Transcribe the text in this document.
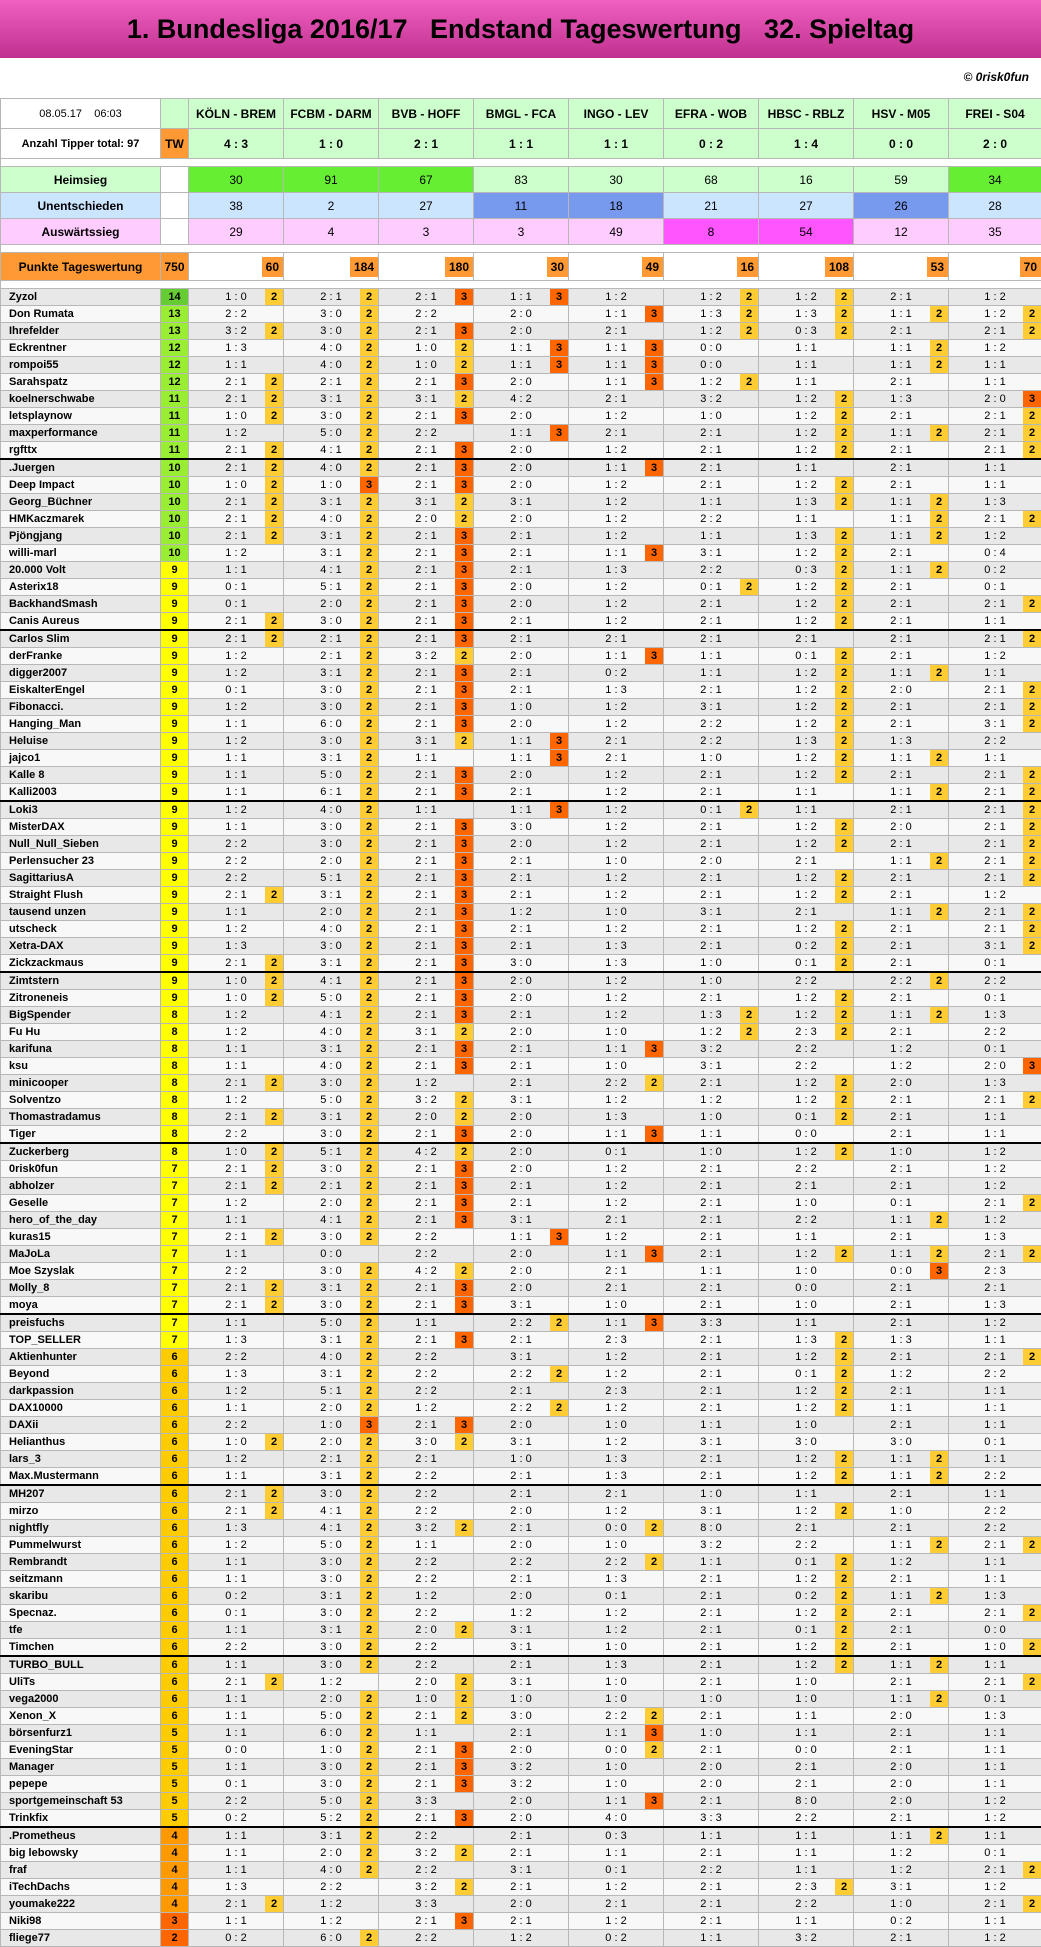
1. Bundesliga 2016/17   Endstand Tageswertung   32. Spieltag
© 0risk0fun
08.05.17 06:03		KÖLN - BREM	FCBM - DARM	BVB - HOFF	BMGL - FCA	INGO - LEV	EFRA - WOB	HBSC - RBLZ	HSV - M05	FREI - S04
Anzahl Tipper total: 97	TW	4 : 3	1 : 0	2 : 1	1 : 1	1 : 1	0 : 2	1 : 4	0 : 0	2 : 0

Heimsieg		30	91	67	83	30	68	16	59	34
Unentschieden		38	2	27	11	18	21	27	26	28
Auswärtssieg		29	4	3	3	49	8	54	12	35

Punkte Tageswertung	750	60	184	180	30	49	16	108	53	70

Zyzol	14	1 : 0 2	2 : 1 2	2 : 1 3	1 : 1 3	1 : 2	1 : 2 2	1 : 2 2	2 : 1	1 : 2
Don Rumata	13	2 : 2	3 : 0 2	2 : 2	2 : 0	1 : 1 3	1 : 3 2	1 : 3 2	1 : 1 2	1 : 2 2

Ihrefelder	13	3 : 2 2	3 : 0 2	2 : 1 3	2 : 0	2 : 1	1 : 2 2	0 : 3 2	2 : 1	2 : 1 2

Eckrentner	12	1 : 3	4 : 0 2	1 : 0 2	1 : 1 3	1 : 1 3	0 : 0	1 : 1	1 : 1 2	1 : 2
rompoi55	12	1 : 1	4 : 0 2	1 : 0 2	1 : 1 3	1 : 1 3	0 : 0	1 : 1	1 : 1 2	1 : 1
Sarahspatz	12	2 : 1 2	2 : 1 2	2 : 1 3	2 : 0	1 : 1 3	1 : 2 2	1 : 1	2 : 1	1 : 1
koelnerschwabe	11	2 : 1 2	3 : 1 2	3 : 1 2	4 : 2	2 : 1	3 : 2	1 : 2 2	1 : 3	2 : 0 3

letsplaynow	11	1 : 0 2	3 : 0 2	2 : 1 3	2 : 0	1 : 2	1 : 0	1 : 2 2	2 : 1	2 : 1 2

maxperformance	11	1 : 2	5 : 0 2	2 : 2	1 : 1 3	2 : 1	2 : 1	1 : 2 2	1 : 1 2	2 : 1 2

rgfttx	11	2 : 1 2	4 : 1 2	2 : 1 3	2 : 0	1 : 2	2 : 1	1 : 2 2	2 : 1	2 : 1 2

.Juergen	10	2 : 1 2	4 : 0 2	2 : 1 3	2 : 0	1 : 1 3	2 : 1	1 : 1	2 : 1	1 : 1
Deep Impact	10	1 : 0 2	1 : 0 3	2 : 1 3	2 : 0	1 : 2	2 : 1	1 : 2 2	2 : 1	1 : 1
Georg_Büchner	10	2 : 1 2	3 : 1 2	3 : 1 2	3 : 1	1 : 2	1 : 1	1 : 3 2	1 : 1 2	1 : 3
HMKaczmarek	10	2 : 1 2	4 : 0 2	2 : 0 2	2 : 0	1 : 2	2 : 2	1 : 1	1 : 1 2	2 : 1 2

Pjöngjang	10	2 : 1 2	3 : 1 2	2 : 1 3	2 : 1	1 : 2	1 : 1	1 : 3 2	1 : 1 2	1 : 2
willi-marl	10	1 : 2	3 : 1 2	2 : 1 3	2 : 1	1 : 1 3	3 : 1	1 : 2 2	2 : 1	0 : 4
20.000 Volt	9	1 : 1	4 : 1 2	2 : 1 3	2 : 1	1 : 3	2 : 2	0 : 3 2	1 : 1 2	0 : 2
Asterix18	9	0 : 1	5 : 1 2	2 : 1 3	2 : 0	1 : 2	0 : 1 2	1 : 2 2	2 : 1	0 : 1
BackhandSmash	9	0 : 1	2 : 0 2	2 : 1 3	2 : 0	1 : 2	2 : 1	1 : 2 2	2 : 1	2 : 1 2

Canis Aureus	9	2 : 1 2	3 : 0 2	2 : 1 3	2 : 1	1 : 2	2 : 1	1 : 2 2	2 : 1	1 : 1
Carlos Slim	9	2 : 1 2	2 : 1 2	2 : 1 3	2 : 1	2 : 1	2 : 1	2 : 1	2 : 1	2 : 1 2

derFranke	9	1 : 2	2 : 1 2	3 : 2 2	2 : 0	1 : 1 3	1 : 1	0 : 1 2	2 : 1	1 : 2
digger2007	9	1 : 2	3 : 1 2	2 : 1 3	2 : 1	0 : 2	1 : 1	1 : 2 2	1 : 1 2	1 : 1
EiskalterEngel	9	0 : 1	3 : 0 2	2 : 1 3	2 : 1	1 : 3	2 : 1	1 : 2 2	2 : 0	2 : 1 2

Fibonacci.	9	1 : 2	3 : 0 2	2 : 1 3	1 : 0	1 : 2	3 : 1	1 : 2 2	2 : 1	2 : 1 2

Hanging_Man	9	1 : 1	6 : 0 2	2 : 1 3	2 : 0	1 : 2	2 : 2	1 : 2 2	2 : 1	3 : 1 2

Heluise	9	1 : 2	3 : 0 2	3 : 1 2	1 : 1 3	2 : 1	2 : 2	1 : 3 2	1 : 3	2 : 2
jajco1	9	1 : 1	3 : 1 2	1 : 1	1 : 1 3	2 : 1	1 : 0	1 : 2 2	1 : 1 2	1 : 1
Kalle 8	9	1 : 1	5 : 0 2	2 : 1 3	2 : 0	1 : 2	2 : 1	1 : 2 2	2 : 1	2 : 1 2

Kalli2003	9	1 : 1	6 : 1 2	2 : 1 3	2 : 1	1 : 2	2 : 1	1 : 1	1 : 1 2	2 : 1 2

Loki3	9	1 : 2	4 : 0 2	1 : 1	1 : 1 3	1 : 2	0 : 1 2	1 : 1	2 : 1	2 : 1 2

MisterDAX	9	1 : 1	3 : 0 2	2 : 1 3	3 : 0	1 : 2	2 : 1	1 : 2 2	2 : 0	2 : 1 2

Null_Null_Sieben	9	2 : 2	3 : 0 2	2 : 1 3	2 : 0	1 : 2	2 : 1	1 : 2 2	2 : 1	2 : 1 2

Perlensucher 23	9	2 : 2	2 : 0 2	2 : 1 3	2 : 1	1 : 0	2 : 0	2 : 1	1 : 1 2	2 : 1 2

SagittariusA	9	2 : 2	5 : 1 2	2 : 1 3	2 : 1	1 : 2	2 : 1	1 : 2 2	2 : 1	2 : 1 2

Straight Flush	9	2 : 1 2	3 : 1 2	2 : 1 3	2 : 1	1 : 2	2 : 1	1 : 2 2	2 : 1	1 : 2
tausend unzen	9	1 : 1	2 : 0 2	2 : 1 3	1 : 2	1 : 0	3 : 1	2 : 1	1 : 1 2	2 : 1 2

utscheck	9	1 : 2	4 : 0 2	2 : 1 3	2 : 1	1 : 2	2 : 1	1 : 2 2	2 : 1	2 : 1 2

Xetra-DAX	9	1 : 3	3 : 0 2	2 : 1 3	2 : 1	1 : 3	2 : 1	0 : 2 2	2 : 1	3 : 1 2

Zickzackmaus	9	2 : 1 2	3 : 1 2	2 : 1 3	3 : 0	1 : 3	1 : 0	0 : 1 2	2 : 1	0 : 1
Zimtstern	9	1 : 0 2	4 : 1 2	2 : 1 3	2 : 0	1 : 2	1 : 0	2 : 2	2 : 2 2	2 : 2
Zitroneneis	9	1 : 0 2	5 : 0 2	2 : 1 3	2 : 0	1 : 2	2 : 1	1 : 2 2	2 : 1	0 : 1
BigSpender	8	1 : 2	4 : 1 2	2 : 1 3	2 : 1	1 : 2	1 : 3 2	1 : 2 2	1 : 1 2	1 : 3
Fu Hu	8	1 : 2	4 : 0 2	3 : 1 2	2 : 0	1 : 0	1 : 2 2	2 : 3 2	2 : 1	2 : 2
karifuna	8	1 : 1	3 : 1 2	2 : 1 3	2 : 1	1 : 1 3	3 : 2	2 : 2	1 : 2	0 : 1
ksu	8	1 : 1	4 : 0 2	2 : 1 3	2 : 1	1 : 0	3 : 1	2 : 2	1 : 2	2 : 0 3

minicooper	8	2 : 1 2	3 : 0 2	1 : 2	2 : 1	2 : 2 2	2 : 1	1 : 2 2	2 : 0	1 : 3
Solventzo	8	1 : 2	5 : 0 2	3 : 2 2	3 : 1	1 : 2	1 : 2	1 : 2 2	2 : 1	2 : 1 2

Thomastradamus	8	2 : 1 2	3 : 1 2	2 : 0 2	2 : 0	1 : 3	1 : 0	0 : 1 2	2 : 1	1 : 1
Tiger	8	2 : 2	3 : 0 2	2 : 1 3	2 : 0	1 : 1 3	1 : 1	0 : 0	2 : 1	1 : 1
Zuckerberg	8	1 : 0 2	5 : 1 2	4 : 2 2	2 : 0	0 : 1	1 : 0	1 : 2 2	1 : 0	1 : 2
0risk0fun	7	2 : 1 2	3 : 0 2	2 : 1 3	2 : 0	1 : 2	2 : 1	2 : 2	2 : 1	1 : 2
abholzer	7	2 : 1 2	2 : 1 2	2 : 1 3	2 : 1	1 : 2	2 : 1	2 : 1	2 : 1	1 : 2
Geselle	7	1 : 2	2 : 0 2	2 : 1 3	2 : 1	1 : 2	2 : 1	1 : 0	0 : 1	2 : 1 2

hero_of_the_day	7	1 : 1	4 : 1 2	2 : 1 3	3 : 1	2 : 1	2 : 1	2 : 2	1 : 1 2	1 : 2
kuras15	7	2 : 1 2	3 : 0 2	2 : 2	1 : 1 3	1 : 2	2 : 1	1 : 1	2 : 1	1 : 3
MaJoLa	7	1 : 1	0 : 0	2 : 2	2 : 0	1 : 1 3	2 : 1	1 : 2 2	1 : 1 2	2 : 1 2

Moe Szyslak	7	2 : 2	3 : 0 2	4 : 2 2	2 : 0	2 : 1	1 : 1	1 : 0	0 : 0 3	2 : 3
Molly_8	7	2 : 1 2	3 : 1 2	2 : 1 3	2 : 0	2 : 1	2 : 1	0 : 0	2 : 1	2 : 1
moya	7	2 : 1 2	3 : 0 2	2 : 1 3	3 : 1	1 : 0	2 : 1	1 : 0	2 : 1	1 : 3
preisfuchs	7	1 : 1	5 : 0 2	1 : 1	2 : 2 2	1 : 1 3	3 : 3	1 : 1	2 : 1	1 : 2
TOP_SELLER	7	1 : 3	3 : 1 2	2 : 1 3	2 : 1	2 : 3	2 : 1	1 : 3 2	1 : 3	1 : 1
Aktienhunter	6	2 : 2	4 : 0 2	2 : 2	3 : 1	1 : 2	2 : 1	1 : 2 2	2 : 1	2 : 1 2

Beyond	6	1 : 3	3 : 1 2	2 : 2	2 : 2 2	1 : 2	2 : 1	0 : 1 2	1 : 2	2 : 2
darkpassion	6	1 : 2	5 : 1 2	2 : 2	2 : 1	2 : 3	2 : 1	1 : 2 2	2 : 1	1 : 1
DAX10000	6	1 : 1	2 : 0 2	1 : 2	2 : 2 2	1 : 2	2 : 1	1 : 2 2	1 : 1	1 : 1
DAXii	6	2 : 2	1 : 0 3	2 : 1 3	2 : 0	1 : 0	1 : 1	1 : 0	2 : 1	1 : 1
Helianthus	6	1 : 0 2	2 : 0 2	3 : 0 2	3 : 1	1 : 2	3 : 1	3 : 0	3 : 0	0 : 1
lars_3	6	1 : 2	2 : 1 2	2 : 1	1 : 0	1 : 3	2 : 1	1 : 2 2	1 : 1 2	1 : 1
Max.Mustermann	6	1 : 1	3 : 1 2	2 : 2	2 : 1	1 : 3	2 : 1	1 : 2 2	1 : 1 2	2 : 2
MH207	6	2 : 1 2	3 : 0 2	2 : 2	2 : 1	2 : 1	1 : 0	1 : 1	2 : 1	1 : 1
mirzo	6	2 : 1 2	4 : 1 2	2 : 2	2 : 0	1 : 2	3 : 1	1 : 2 2	1 : 0	2 : 2
nightfly	6	1 : 3	4 : 1 2	3 : 2 2	2 : 1	0 : 0 2	8 : 0	2 : 1	2 : 1	2 : 2
Pummelwurst	6	1 : 2	5 : 0 2	1 : 1	2 : 0	1 : 0	3 : 2	2 : 2	1 : 1 2	2 : 1 2

Rembrandt	6	1 : 1	3 : 0 2	2 : 2	2 : 2	2 : 2 2	1 : 1	0 : 1 2	1 : 2	1 : 1
seitzmann	6	1 : 1	3 : 0 2	2 : 2	2 : 1	1 : 3	2 : 1	1 : 2 2	2 : 1	1 : 1
skaribu	6	0 : 2	3 : 1 2	1 : 2	2 : 0	0 : 1	2 : 1	0 : 2 2	1 : 1 2	1 : 3
Specnaz.	6	0 : 1	3 : 0 2	2 : 2	1 : 2	1 : 2	2 : 1	1 : 2 2	2 : 1	2 : 1 2

tfe	6	1 : 1	3 : 1 2	2 : 0 2	3 : 1	1 : 2	2 : 1	0 : 1 2	2 : 1	0 : 0
Timchen	6	2 : 2	3 : 0 2	2 : 2	3 : 1	1 : 0	2 : 1	1 : 2 2	2 : 1	1 : 0 2

TURBO_BULL	6	1 : 1	3 : 0 2	2 : 2	2 : 1	1 : 3	2 : 1	1 : 2 2	1 : 1 2	1 : 1
UliTs	6	2 : 1 2	1 : 2	2 : 0 2	3 : 1	1 : 0	2 : 1	1 : 0	2 : 1	2 : 1 2

vega2000	6	1 : 1	2 : 0 2	1 : 0 2	1 : 0	1 : 0	1 : 0	1 : 0	1 : 1 2	0 : 1
Xenon_X	6	1 : 1	5 : 0 2	2 : 1 2	3 : 0	2 : 2 2	2 : 1	1 : 1	2 : 0	1 : 3
börsenfurz1	5	1 : 1	6 : 0 2	1 : 1	2 : 1	1 : 1 3	1 : 0	1 : 1	2 : 1	1 : 1
EveningStar	5	0 : 0	1 : 0 2	2 : 1 3	2 : 0	0 : 0 2	2 : 1	0 : 0	2 : 1	1 : 1
Manager	5	1 : 1	3 : 0 2	2 : 1 3	3 : 2	1 : 0	2 : 0	2 : 1	2 : 0	1 : 1
pepepe	5	0 : 1	3 : 0 2	2 : 1 3	3 : 2	1 : 0	2 : 0	2 : 1	2 : 0	1 : 1
sportgemeinschaft 53	5	2 : 2	5 : 0 2	3 : 3	2 : 0	1 : 1 3	2 : 1	8 : 0	2 : 0	1 : 2
Trinkfix	5	0 : 2	5 : 2 2	2 : 1 3	2 : 0	4 : 0	3 : 3	2 : 2	2 : 1	1 : 2
.Prometheus	4	1 : 1	3 : 1 2	2 : 2	2 : 1	0 : 3	1 : 1	1 : 1	1 : 1 2	1 : 1
big lebowsky	4	1 : 1	2 : 0 2	3 : 2 2	2 : 1	1 : 1	2 : 1	1 : 1	1 : 2	0 : 1
fraf	4	1 : 1	4 : 0 2	2 : 2	3 : 1	0 : 1	2 : 2	1 : 1	1 : 2	2 : 1 2

iTechDachs	4	1 : 3	2 : 2	3 : 2 2	2 : 1	1 : 2	2 : 1	2 : 3 2	3 : 1	1 : 2
youmake222	4	2 : 1 2	1 : 2	3 : 3	2 : 0	2 : 1	2 : 1	2 : 2	1 : 0	2 : 1 2

Niki98	3	1 : 1	1 : 2	2 : 1 3	2 : 1	1 : 2	2 : 1	1 : 1	0 : 2	1 : 1
fliege77	2	0 : 2	6 : 0 2	2 : 2	1 : 2	0 : 2	1 : 1	3 : 2	2 : 1	1 : 2
